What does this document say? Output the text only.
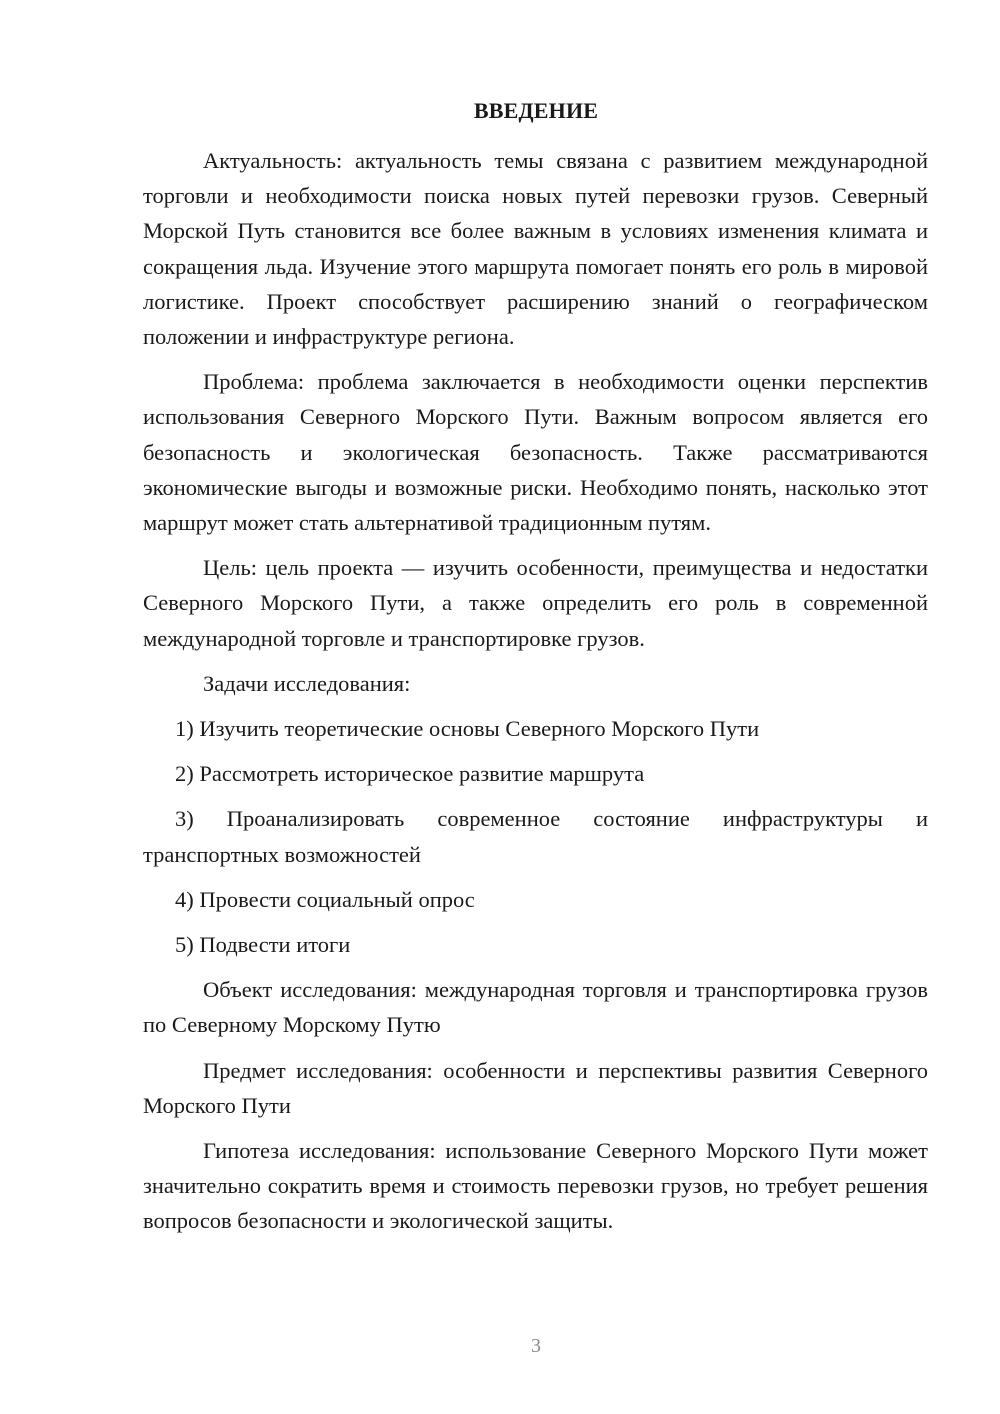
ВВЕДЕНИЕ

Актуальность: актуальность темы связана с развитием международной торговли и необходимости поиска новых путей перевозки грузов. Северный Морской Путь становится все более важным в условиях изменения климата и сокращения льда. Изучение этого маршрута помогает понять его роль в мировой логистике. Проект способствует расширению знаний о географическом положении и инфраструктуре региона.

Проблема: проблема заключается в необходимости оценки перспектив использования Северного Морского Пути. Важным вопросом является его безопасность и экологическая безопасность. Также рассматриваются экономические выгоды и возможные риски. Необходимо понять, насколько этот маршрут может стать альтернативой традиционным путям.

Цель: цель проекта — изучить особенности, преимущества и недостатки Северного Морского Пути, а также определить его роль в современной международной торговле и транспортировке грузов.

Задачи исследования:

1) Изучить теоретические основы Северного Морского Пути

2) Рассмотреть историческое развитие маршрута

3) Проанализировать современное состояние инфраструктуры и транспортных возможностей

4) Провести социальный опрос

5) Подвести итоги

Объект исследования: международная торговля и транспортировка грузов по Северному Морскому Путю

Предмет исследования: особенности и перспективы развития Северного Морского Пути

Гипотеза исследования: использование Северного Морского Пути может значительно сократить время и стоимость перевозки грузов, но требует решения вопросов безопасности и экологической защиты.

3
